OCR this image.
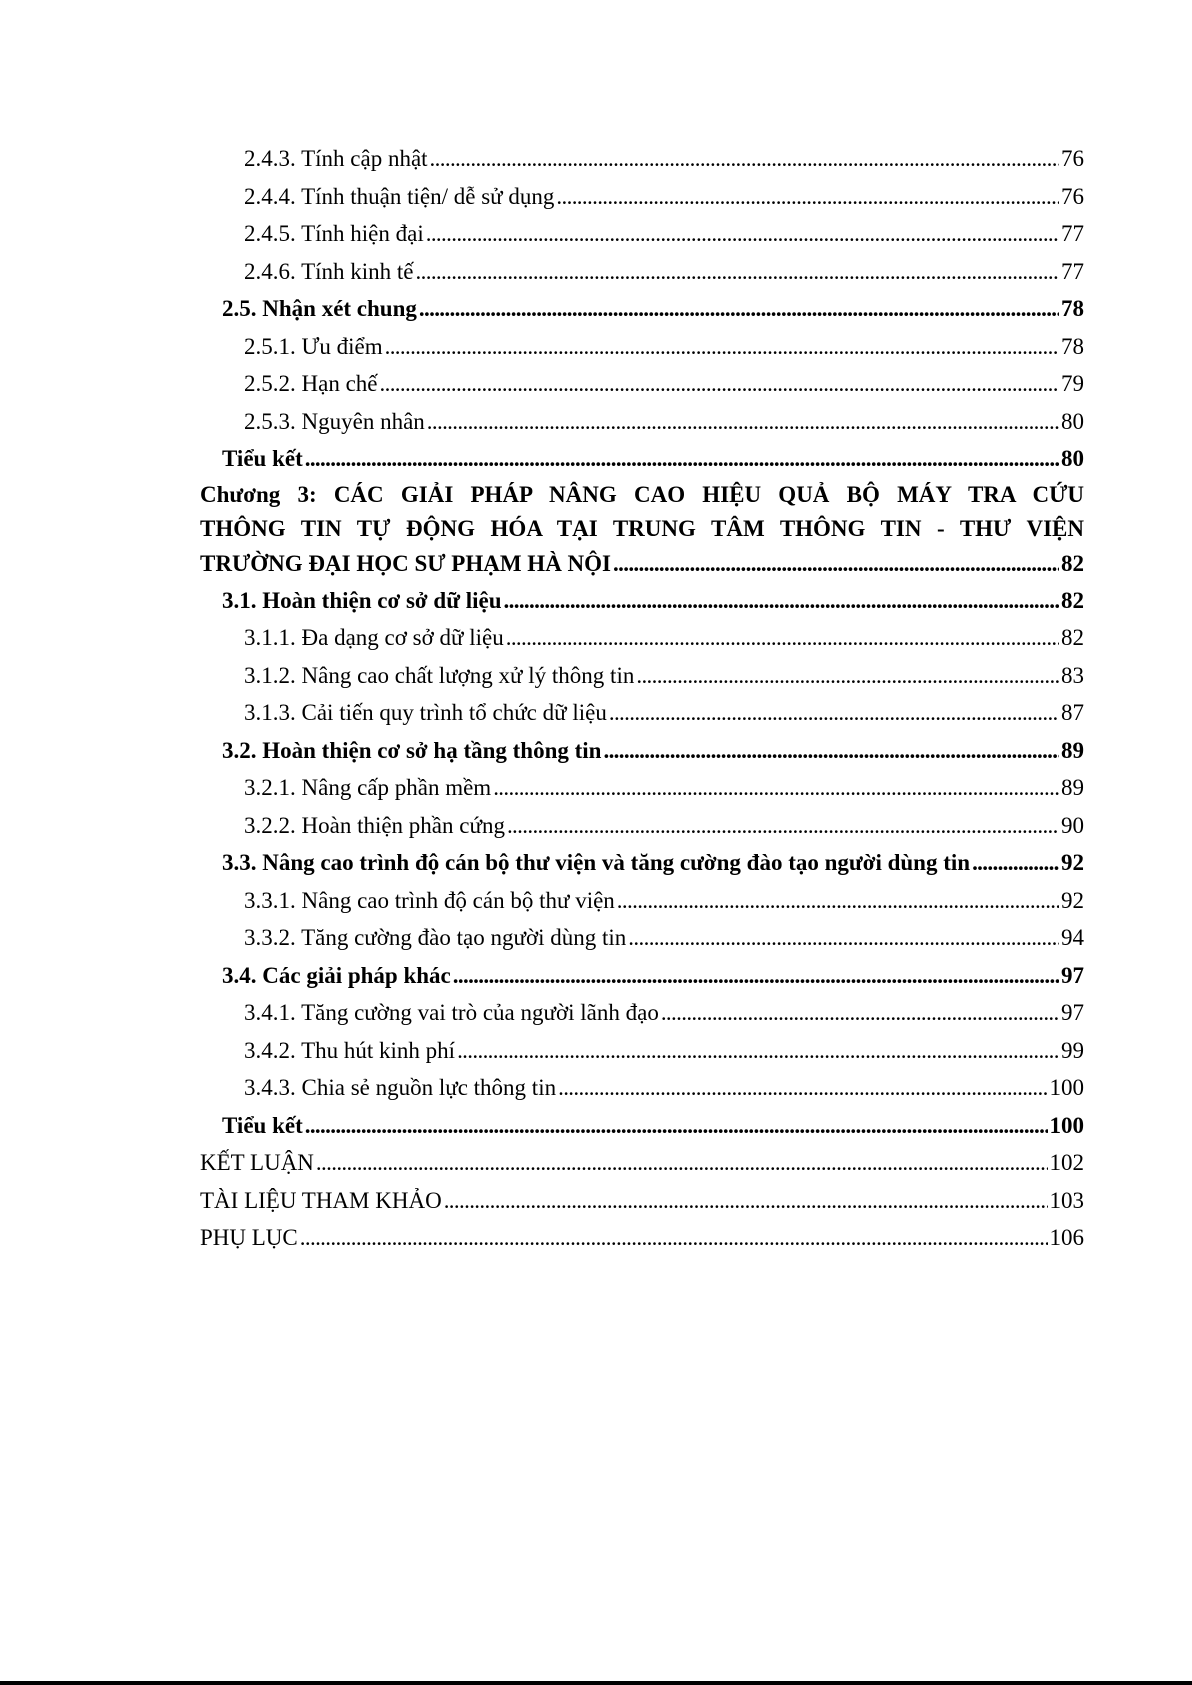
2.4.3. Tính cập nhật . . .	76
2.4.4. Tính thuận tiện/ dễ sử dụng . . .	76
2.4.5. Tính hiện đại . . .	77
2.4.6. Tính kinh tế . . .	77
2.5. Nhận xét chung . . .	78
2.5.1. Ưu điểm . . .	78
2.5.2. Hạn chế . . .	79
2.5.3. Nguyên nhân . . .	80
Tiểu kết . . .	80
Chương 3: CÁC GIẢI PHÁP NÂNG CAO HIỆU QUẢ BỘ MÁY TRA CỨU
THÔNG TIN TỰ ĐỘNG HÓA TẠI TRUNG TÂM THÔNG TIN - THƯ VIỆN
TRƯỜNG ĐẠI HỌC SƯ PHẠM HÀ NỘI . . .	82
3.1. Hoàn thiện cơ sở dữ liệu . . .	82
3.1.1. Đa dạng cơ sở dữ liệu . . .	82
3.1.2. Nâng cao chất lượng xử lý thông tin . . .	83
3.1.3. Cải tiến quy trình tổ chức dữ liệu . . .	87
3.2. Hoàn thiện cơ sở hạ tầng thông tin . . .	89
3.2.1. Nâng cấp phần mềm . . .	89
3.2.2. Hoàn thiện phần cứng . . .	90
3.3. Nâng cao trình độ cán bộ thư viện và tăng cường đào tạo người dùng tin . . .	92
3.3.1. Nâng cao trình độ cán bộ thư viện . . .	92
3.3.2. Tăng cường đào tạo người dùng tin . . .	94
3.4. Các giải pháp khác . . .	97
3.4.1. Tăng cường vai trò của người lãnh đạo . . .	97
3.4.2. Thu hút kinh phí . . .	99
3.4.3. Chia sẻ nguồn lực thông tin . . .	100
Tiểu kết . . .	100
KẾT LUẬN . . .	102
TÀI LIỆU THAM KHẢO . . .	103
PHỤ LỤC . . .	106
